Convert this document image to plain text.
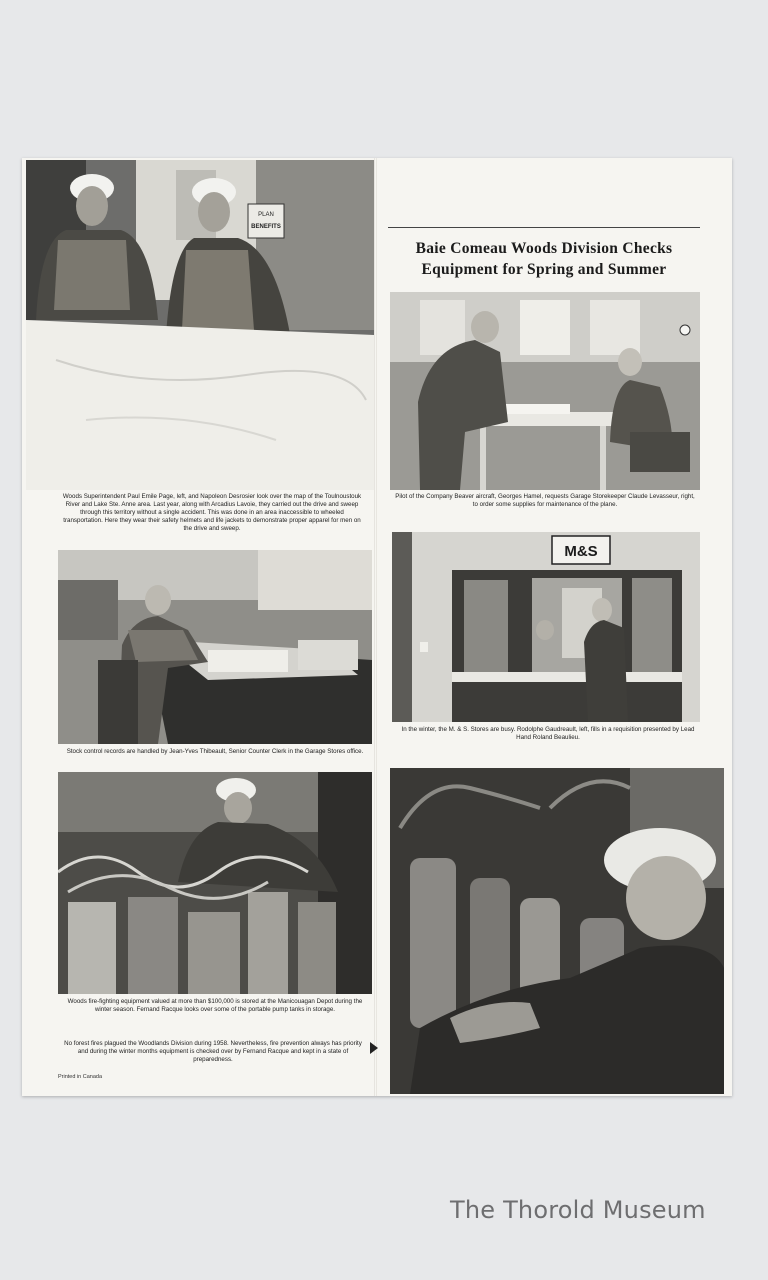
PLAN
BENEFITS
Woods Superintendent Paul Emile Page, left, and Napoleon Desrosier look over the map of the Toulnoustouk River and Lake Ste. Anne area. Last year, along with Arcadius Lavoie, they carried out the drive and sweep through this territory without a single accident. This was done in an area inaccessible to wheeled transportation. Here they wear their safety helmets and life jackets to demonstrate proper apparel for men on the drive and sweep.
Baie Comeau Woods Division Checks
Equipment for Spring and Summer
Pilot of the Company Beaver aircraft, Georges Hamel, requests Garage Storekeeper Claude Levasseur, right, to order some supplies for maintenance of the plane.
Stock control records are handled by Jean-Yves Thibeault, Senior Counter Clerk in the Garage Stores office.
M&S
In the winter, the M. & S. Stores are busy. Rodolphe Gaudreault, left, fills in a requisition presented by Lead Hand Roland Beaulieu.
Woods fire-fighting equipment valued at more than $100,000 is stored at the Manicouagan Depot during the winter season. Fernand Racque looks over some of the portable pump tanks in storage.
No forest fires plagued the Woodlands Division during 1958. Nevertheless, fire prevention always has priority and during the winter months equipment is checked over by Fernand Racque and kept in a state of preparedness.
Printed in Canada
The Thorold Museum
